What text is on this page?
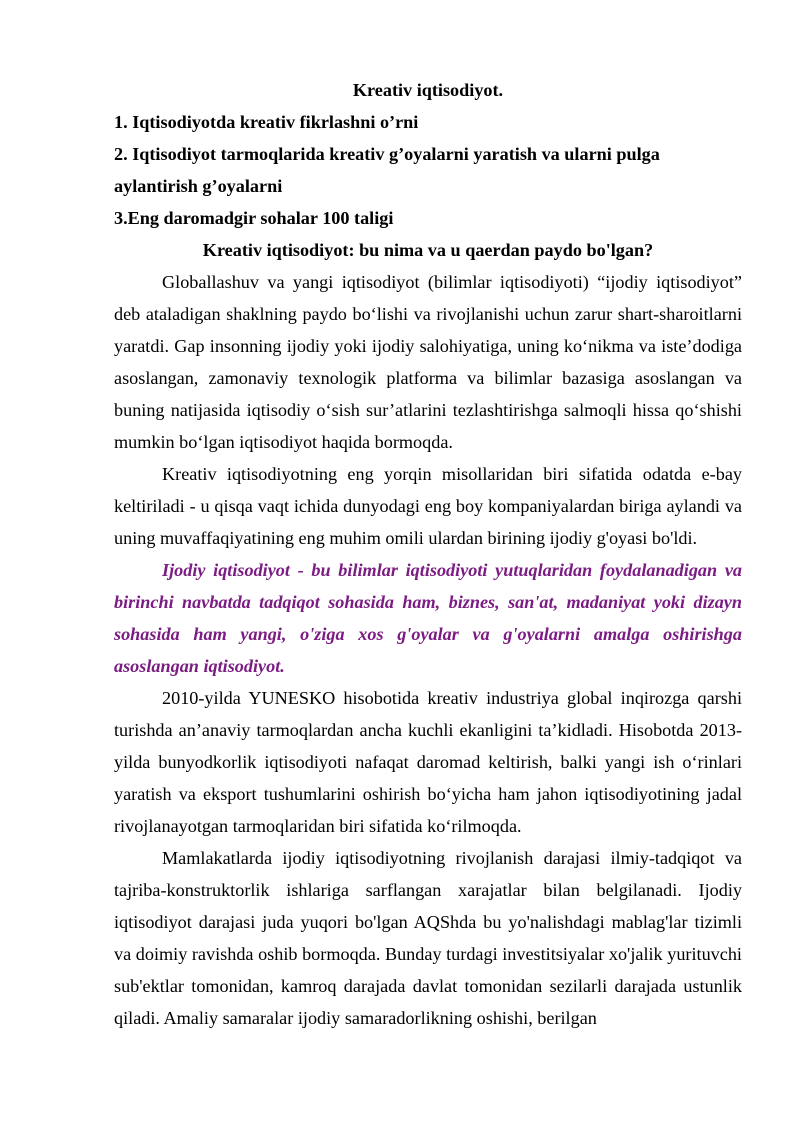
Kreativ iqtisodiyot.

1. Iqtisodiyotda kreativ fikrlashni o’rni

2. Iqtisodiyot tarmoqlarida kreativ g’oyalarni yaratish va ularni pulga aylantirish g’oyalarni

3.Eng daromadgir sohalar 100 taligi

Kreativ iqtisodiyot: bu nima va u qaerdan paydo bo'lgan?

Globallashuv va yangi iqtisodiyot (bilimlar iqtisodiyoti) “ijodiy iqtisodiyot” deb ataladigan shaklning paydo bo‘lishi va rivojlanishi uchun zarur shart-sharoitlarni yaratdi. Gap insonning ijodiy yoki ijodiy salohiyatiga, uning ko‘nikma va iste’dodiga asoslangan, zamonaviy texnologik platforma va bilimlar bazasiga asoslangan va buning natijasida iqtisodiy o‘sish sur’atlarini tezlashtirishga salmoqli hissa qo‘shishi mumkin bo‘lgan iqtisodiyot haqida bormoqda.

Kreativ iqtisodiyotning eng yorqin misollaridan biri sifatida odatda e-bay keltiriladi - u qisqa vaqt ichida dunyodagi eng boy kompaniyalardan biriga aylandi va uning muvaffaqiyatining eng muhim omili ulardan birining ijodiy g'oyasi bo'ldi.

Ijodiy iqtisodiyot - bu bilimlar iqtisodiyoti yutuqlaridan foydalanadigan va birinchi navbatda tadqiqot sohasida ham, biznes, san'at, madaniyat yoki dizayn sohasida ham yangi, o'ziga xos g'oyalar va g'oyalarni amalga oshirishga asoslangan iqtisodiyot.

2010-yilda YUNESKO hisobotida kreativ industriya global inqirozga qarshi turishda an’anaviy tarmoqlardan ancha kuchli ekanligini ta’kidladi. Hisobotda 2013-yilda bunyodkorlik iqtisodiyoti nafaqat daromad keltirish, balki yangi ish o‘rinlari yaratish va eksport tushumlarini oshirish bo‘yicha ham jahon iqtisodiyotining jadal rivojlanayotgan tarmoqlaridan biri sifatida ko‘rilmoqda.

Mamlakatlarda ijodiy iqtisodiyotning rivojlanish darajasi ilmiy-tadqiqot va tajriba-konstruktorlik ishlariga sarflangan xarajatlar bilan belgilanadi. Ijodiy iqtisodiyot darajasi juda yuqori bo'lgan AQShda bu yo'nalishdagi mablag'lar tizimli va doimiy ravishda oshib bormoqda. Bunday turdagi investitsiyalar xo'jalik yurituvchi sub'ektlar tomonidan, kamroq darajada davlat tomonidan sezilarli darajada ustunlik qiladi. Amaliy samaralar ijodiy samaradorlikning oshishi, berilgan
